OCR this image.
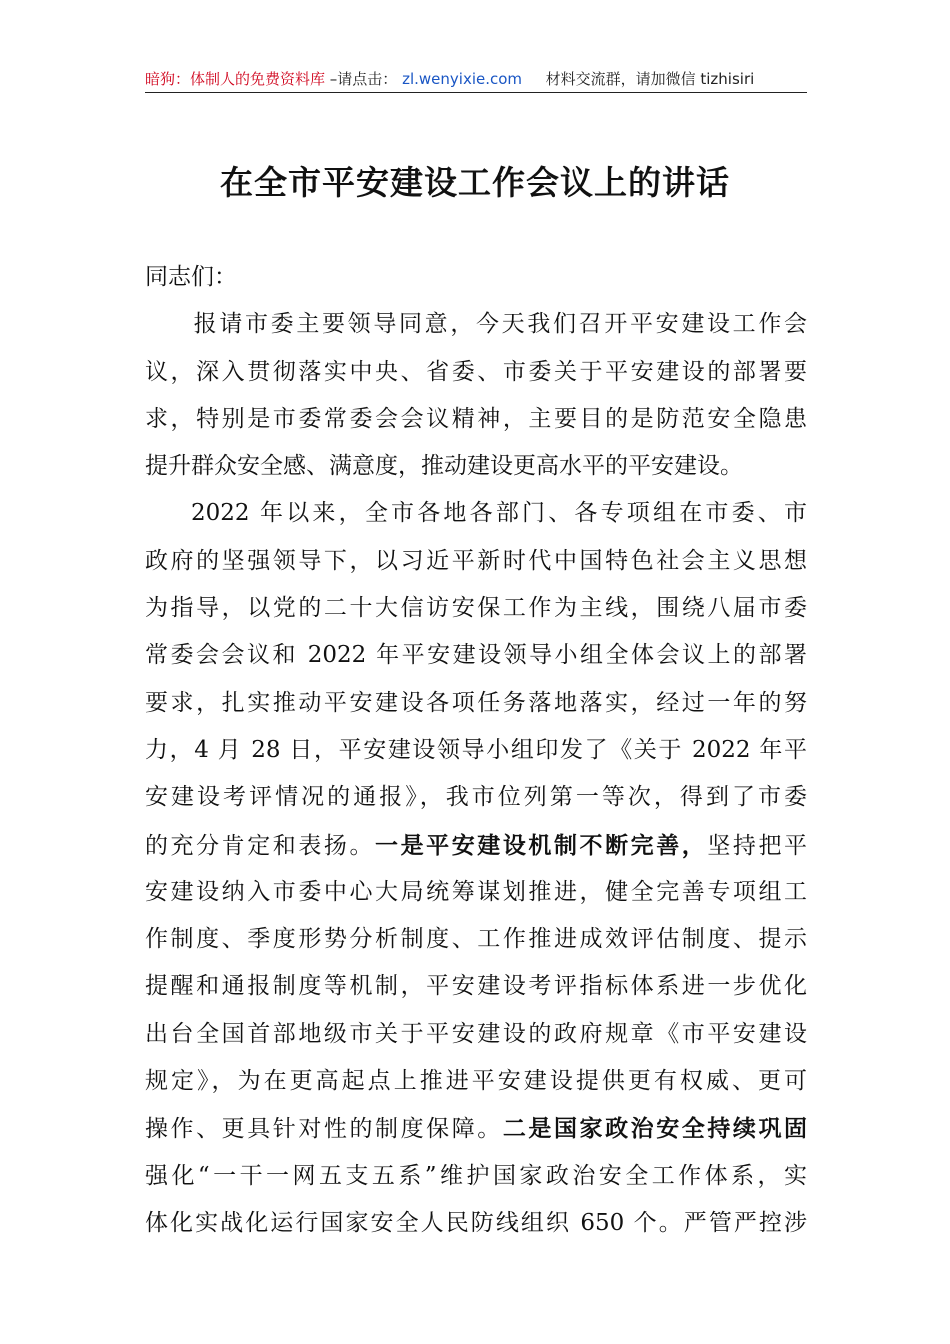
暗狗：体制人的免费资料库 –请点击： zl.wenyixie.com 材料交流群，请加微信 tizhisiri
在全市平安建设工作会议上的讲话
同志们：
报请市委主要领导同意，今天我们召开平安建设工作会
议，深入贯彻落实中央、省委、市委关于平安建设的部署要
求，特别是市委常委会会议精神，主要目的是防范安全隐患
提升群众安全感、满意度，推动建设更高水平的平安建设。
2022 年以来，全市各地各部门、各专项组在市委、市
政府的坚强领导下，以习近平新时代中国特色社会主义思想
为指导，以党的二十大信访安保工作为主线，围绕八届市委
常委会会议和 2022 年平安建设领导小组全体会议上的部署
要求，扎实推动平安建设各项任务落地落实，经过一年的努
力，4 月 28 日，平安建设领导小组印发了《关于 2022 年平
安建设考评情况的通报》，我市位列第一等次，得到了市委
的充分肯定和表扬。一是平安建设机制不断完善，坚持把平
安建设纳入市委中心大局统筹谋划推进，健全完善专项组工
作制度、季度形势分析制度、工作推进成效评估制度、提示
提醒和通报制度等机制，平安建设考评指标体系进一步优化
出台全国首部地级市关于平安建设的政府规章《市平安建设
规定》，为在更高起点上推进平安建设提供更有权威、更可
操作、更具针对性的制度保障。二是国家政治安全持续巩固
强化“一干一网五支五系”维护国家政治安全工作体系，实
体化实战化运行国家安全人民防线组织 650 个。严管严控涉
